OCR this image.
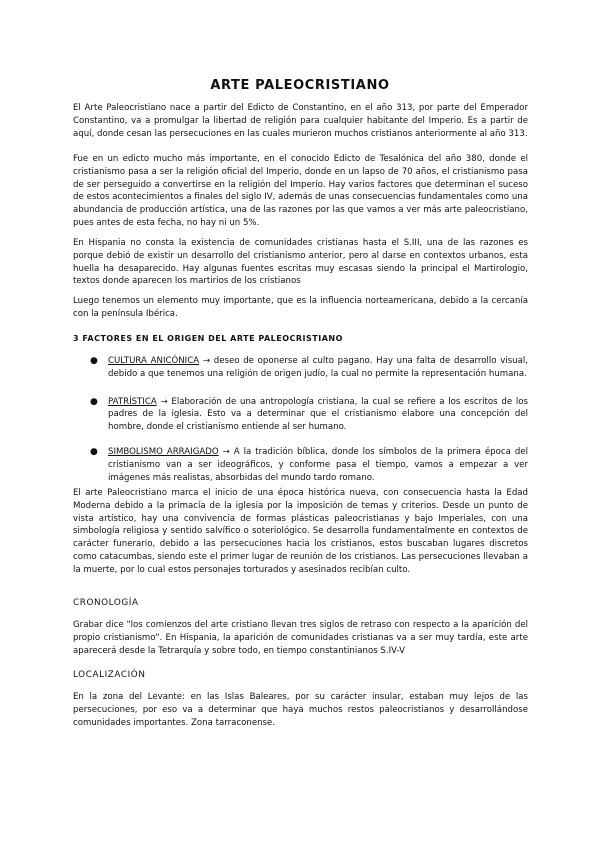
ARTE PALEOCRISTIANO

El Arte Paleocristiano nace a partir del Edicto de Constantino, en el año 313, por parte del Emperador Constantino, va a promulgar la libertad de religión para cualquier habitante del Imperio. Es a partir de aquí, donde cesan las persecuciones en las cuales murieron muchos cristianos anteriormente al año 313.

Fue en un edicto mucho más importante, en el conocido Edicto de Tesalónica del año 380, donde el cristianismo pasa a ser la religión oficial del Imperio, donde en un lapso de 70 años, el cristianismo pasa de ser perseguido a convertirse en la religión del Imperio. Hay varios factores que determinan el suceso de estos acontecimientos a finales del siglo IV, además de unas consecuencias fundamentales como una abundancia de producción artística, una de las razones por las que vamos a ver más arte paleocristiano, pues antes de esta fecha, no hay ni un 5%.

En Hispania no consta la existencia de comunidades cristianas hasta el S.III, una de las razones es porque debió de existir un desarrollo del cristianismo anterior, pero al darse en contextos urbanos, esta huella ha desaparecido. Hay algunas fuentes escritas muy escasas siendo la principal el Martirologio, textos donde aparecen los martirios de los cristianos

Luego tenemos un elemento muy importante, que es la influencia norteamericana, debido a la cercanía con la península Ibérica.

3 FACTORES EN EL ORIGEN DEL ARTE PALEOCRISTIANO

● CULTURA ANICÓNICA → deseo de oponerse al culto pagano. Hay una falta de desarrollo visual, debido a que tenemos una religión de origen judío, la cual no permite la representación humana.
● PATRÍSTICA → Elaboración de una antropología cristiana, la cual se refiere a los escritos de los padres de la iglesia. Esto va a determinar que el cristianismo elabore una concepción del hombre, donde el cristianismo entiende al ser humano.
● SIMBOLISMO ARRAIGADO → A la tradición bíblica, donde los símbolos de la primera época del cristianismo van a ser ideográficos, y conforme pasa el tiempo, vamos a empezar a ver imágenes más realistas, absorbidas del mundo tardo romano.

El arte Paleocristiano marca el inicio de una época histórica nueva, con consecuencia hasta la Edad Moderna debido a la primacía de la iglesia por la imposición de temas y criterios. Desde un punto de vista artístico, hay una convivencia de formas plásticas paleocristianas y bajo Imperiales, con una simbología religiosa y sentido salvífico o soteriológico. Se desarrolla fundamentalmente en contextos de carácter funerario, debido a las persecuciones hacia los cristianos, estos buscaban lugares discretos como catacumbas, siendo este el primer lugar de reunión de los cristianos. Las persecuciones llevaban a la muerte, por lo cual estos personajes torturados y asesinados recibían culto.

CRONOLOGÍA

Grabar dice "los comienzos del arte cristiano llevan tres siglos de retraso con respecto a la aparición del propio cristianismo". En Hispania, la aparición de comunidades cristianas va a ser muy tardía, este arte aparecerá desde la Tetrarquía y sobre todo, en tiempo constantinianos S.IV-V

LOCALIZACIÓN

En la zona del Levante: en las Islas Baleares, por su carácter insular, estaban muy lejos de las persecuciones, por eso va a determinar que haya muchos restos paleocristianos y desarrollándose comunidades importantes. Zona tarraconense.
